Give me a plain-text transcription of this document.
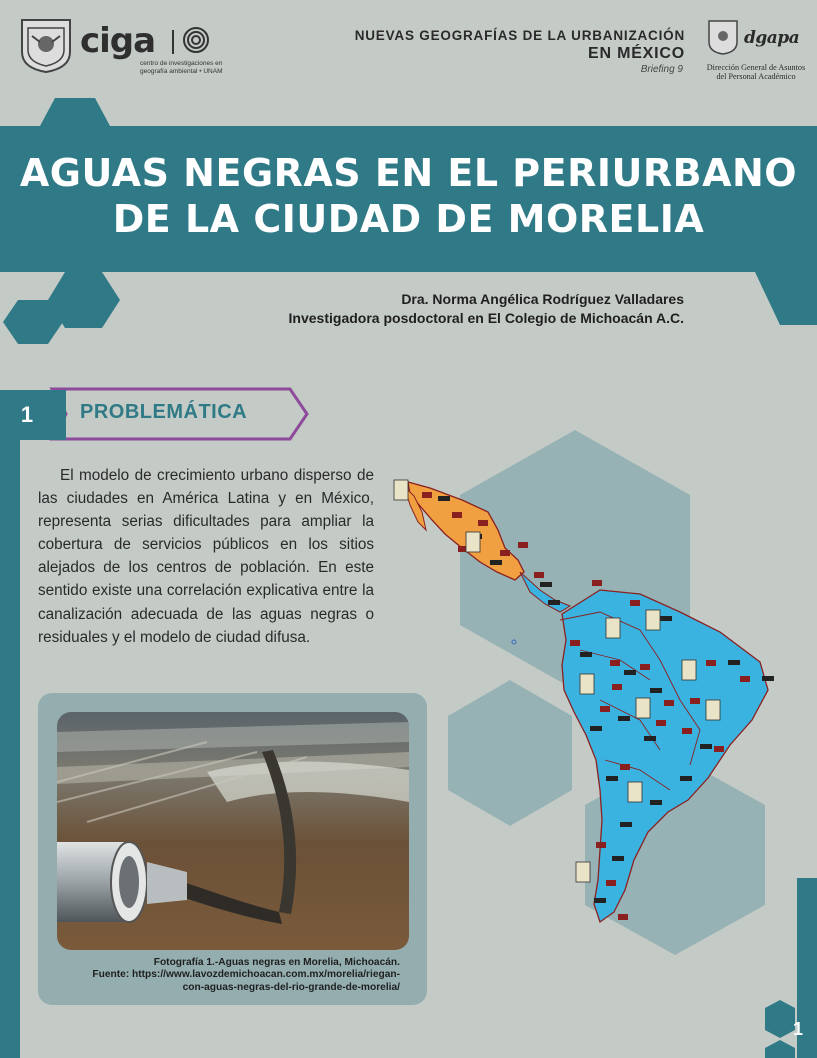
ciga
centro de investigaciones en
geografía ambiental • UNAM
NUEVAS GEOGRAFÍAS DE LA URBANIZACIÓN
EN MÉXICO
Briefing 9
dgapa
Dirección General de Asuntos
del Personal Académico
AGUAS NEGRAS EN EL PERIURBANO
DE LA CIUDAD DE MORELIA
Dra. Norma Angélica Rodríguez Valladares
Investigadora posdoctoral en El Colegio de Michoacán A.C.
1	PROBLEMÁTICA

El modelo de crecimiento urbano disperso de las ciudades en América Latina y en México, representa serias dificultades para ampliar la cobertura de servicios públicos en los sitios alejados de los centros de población. En este sentido existe una correlación explicativa entre la canalización adecuada de las aguas negras o residuales y el modelo de ciudad difusa.

Fotografía 1.-Aguas negras en Morelia, Michoacán.
Fuente: https://www.lavozdemichoacan.com.mx/morelia/riegan-
con-aguas-negras-del-rio-grande-de-morelia/
1
